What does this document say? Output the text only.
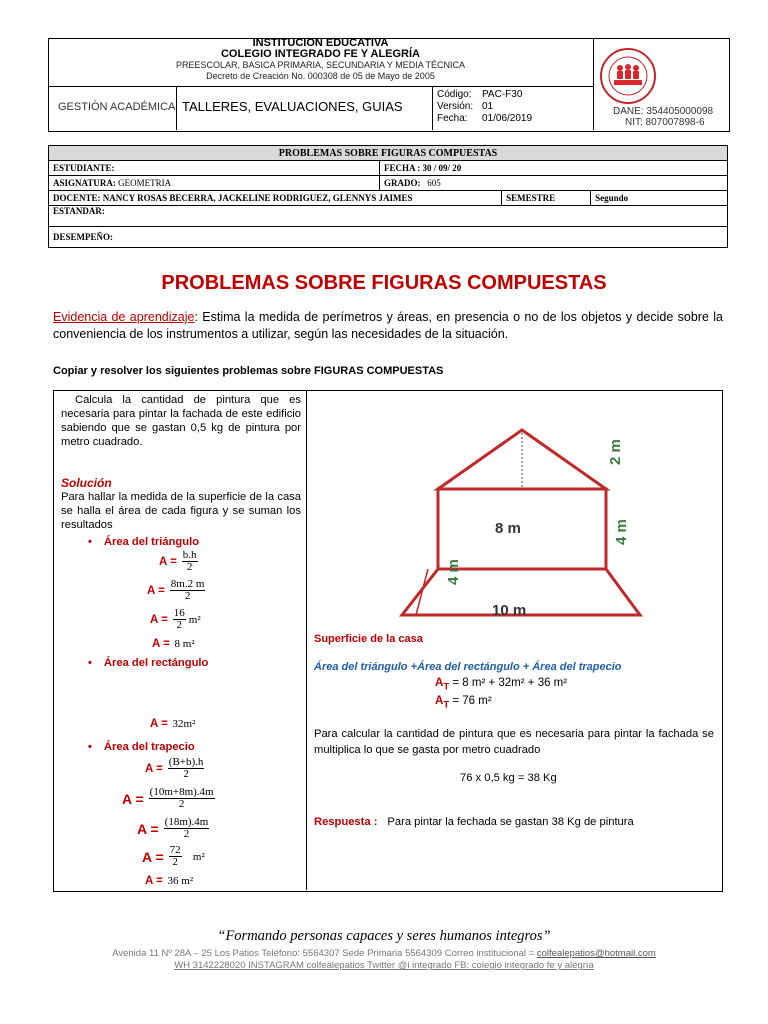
INSTITUCION EDUCATIVA
COLEGIO INTEGRADO FE Y ALEGRÍA
PREESCOLAR, BASICA PRIMARIA, SECUNDARIA Y MEDIA TÉCNICA
Decreto de Creación No. 000308 de 05 de Mayo de 2005
GESTIÓN ACADÉMICA TALLERES, EVALUACIONES, GUIAS
Código: PAC-F30
Versión: 01
Fecha: 01/06/2019
DANE: 354405000098
NIT: 807007898-6
PROBLEMAS SOBRE FIGURAS COMPUESTAS			
ESTUDIANTE:	FECHA : 30 / 09/ 20		
ASIGNATURA: GEOMETRIA	GRADO: 605		
DOCENTE: NANCY ROSAS BECERRA, JACKELINE RODRIGUEZ, GLENNYS JAIMES		SEMESTRE	Segundo
ESTANDAR:			
DESEMPEÑO:			
PROBLEMAS SOBRE FIGURAS COMPUESTAS
Evidencia de aprendizaje: Estima la medida de perímetros y áreas, en presencia o no de los objetos y decide sobre la conveniencia de los instrumentos a utilizar, según las necesidades de la situación.
Copiar y resolver los siguientes problemas sobre FIGURAS COMPUESTAS
Calcula la cantidad de pintura que es necesaria para pintar la fachada de este edificio sabiendo que se gastan 0,5 kg de pintura por metro cuadrado.
Solución
Para hallar la medida de la superficie de la casa se halla el área de cada figura y se suman los resultados
• Área del triángulo
$A = \frac{b.h}{2}$
$A = \frac{8m.2 m}{2}$
$A = \frac{16}{2} m^2$
A =
8 m²
• Área del rectángulo
A =
32m²
• Área del trapecio
$A = \frac{(B+b).h}{2}$
$A = \frac{(10m+8m).4m}{2}$
$A = \frac{(18m).4m}{2}$
$A = \frac{72}{2}$
m²
A =
36 m²
2 m
4 m
4 m
8 m
10 m
Superficie de la casa
Área del triángulo +Área del rectángulo + Área del trapecio
$A_T = 8$ m² + 32m² + 36 m²
$A_T = 76$ m²
Para calcular la cantidad de pintura que es necesaria para pintar la fachada se multiplica lo que se gasta por metro cuadrado
76 x 0,5 kg = 38 Kg
Respuesta : Para pintar la fechada se gastan 38 Kg de pintura
“Formando personas capaces y seres humanos integros”
Avenida 11 Nº 28A – 25 Los Patios Teléfono: 5564307 Sede Primaria 5564309 Correo institucional = colfealepatios@hotmail.com
WH 3142228020 INSTAGRAM colfealepatios Twitter @i integrado FB: colegio integrado fe y alegría
